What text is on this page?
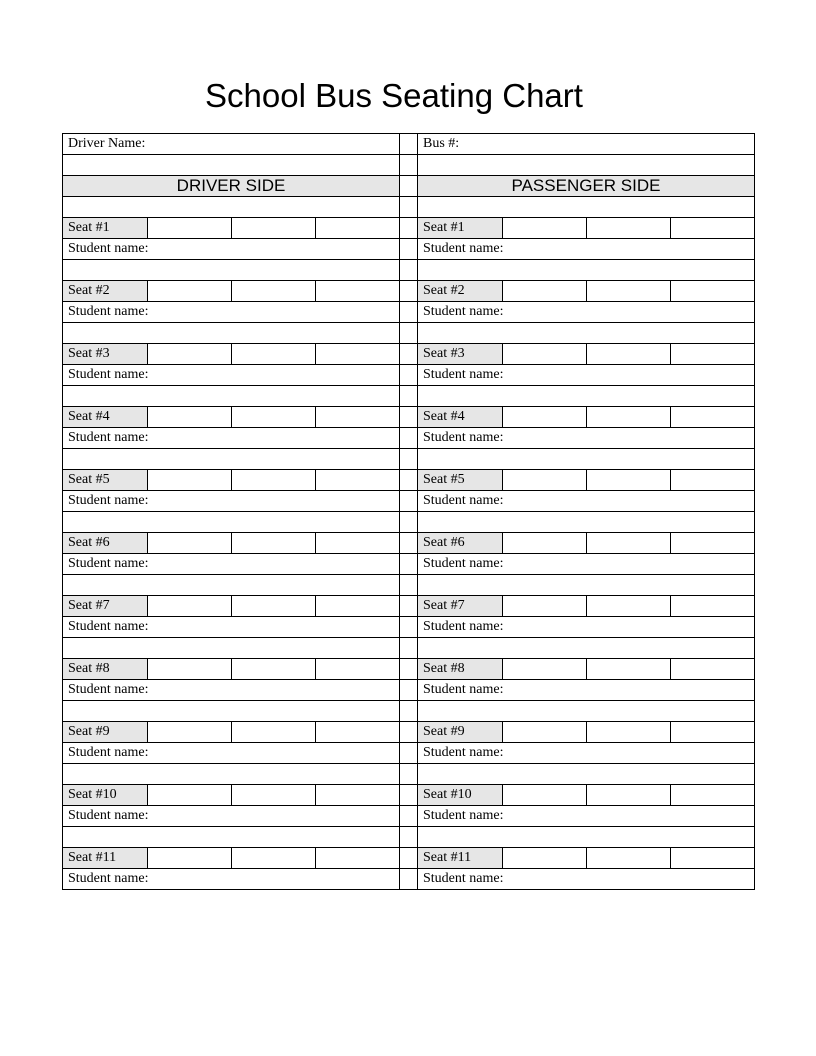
School Bus Seating Chart
Driver Name:					Bus #:			

DRIVER SIDE					PASSENGER SIDE			

Seat #1					Seat #1			
Student name:					Student name:			

Seat #2					Seat #2			
Student name:					Student name:			

Seat #3					Seat #3			
Student name:					Student name:			

Seat #4					Seat #4			
Student name:					Student name:			

Seat #5					Seat #5			
Student name:					Student name:			

Seat #6					Seat #6			
Student name:					Student name:			

Seat #7					Seat #7			
Student name:					Student name:			

Seat #8					Seat #8			
Student name:					Student name:			

Seat #9					Seat #9			
Student name:					Student name:			

Seat #10					Seat #10			
Student name:					Student name:			

Seat #11					Seat #11			
Student name:					Student name:			
